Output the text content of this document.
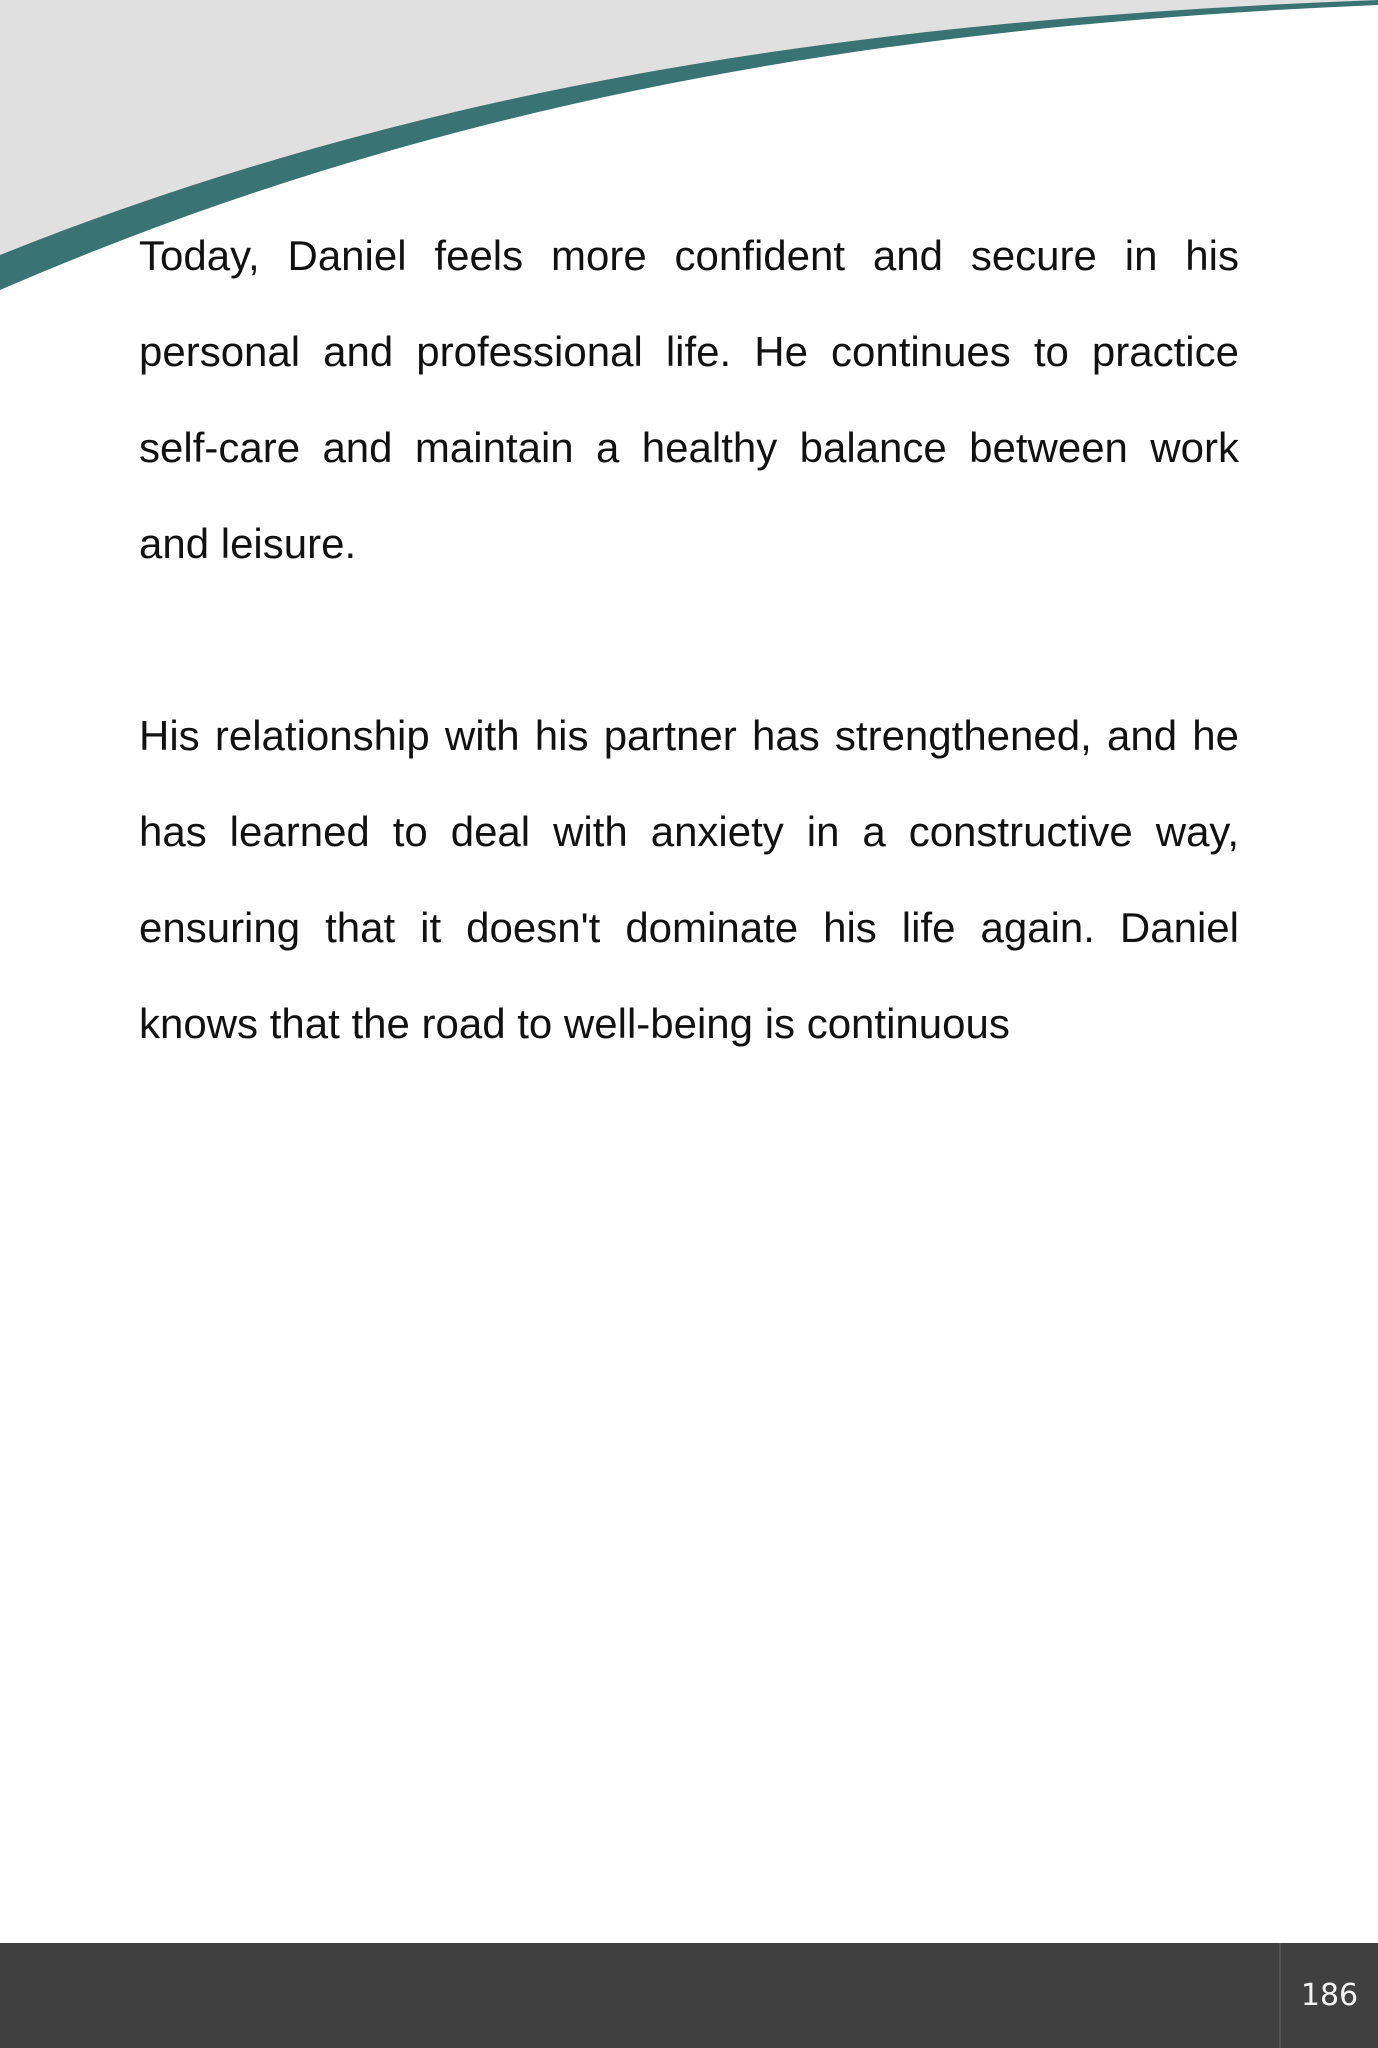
Today, Daniel feels more confident and secure in his personal and professional life. He continues to practice self-care and maintain a healthy balance between work and leisure.

His relationship with his partner has strengthened, and he has learned to deal with anxiety in a constructive way, ensuring that it doesn't dominate his life again. Daniel knows that the road to well-being is continuous

186
